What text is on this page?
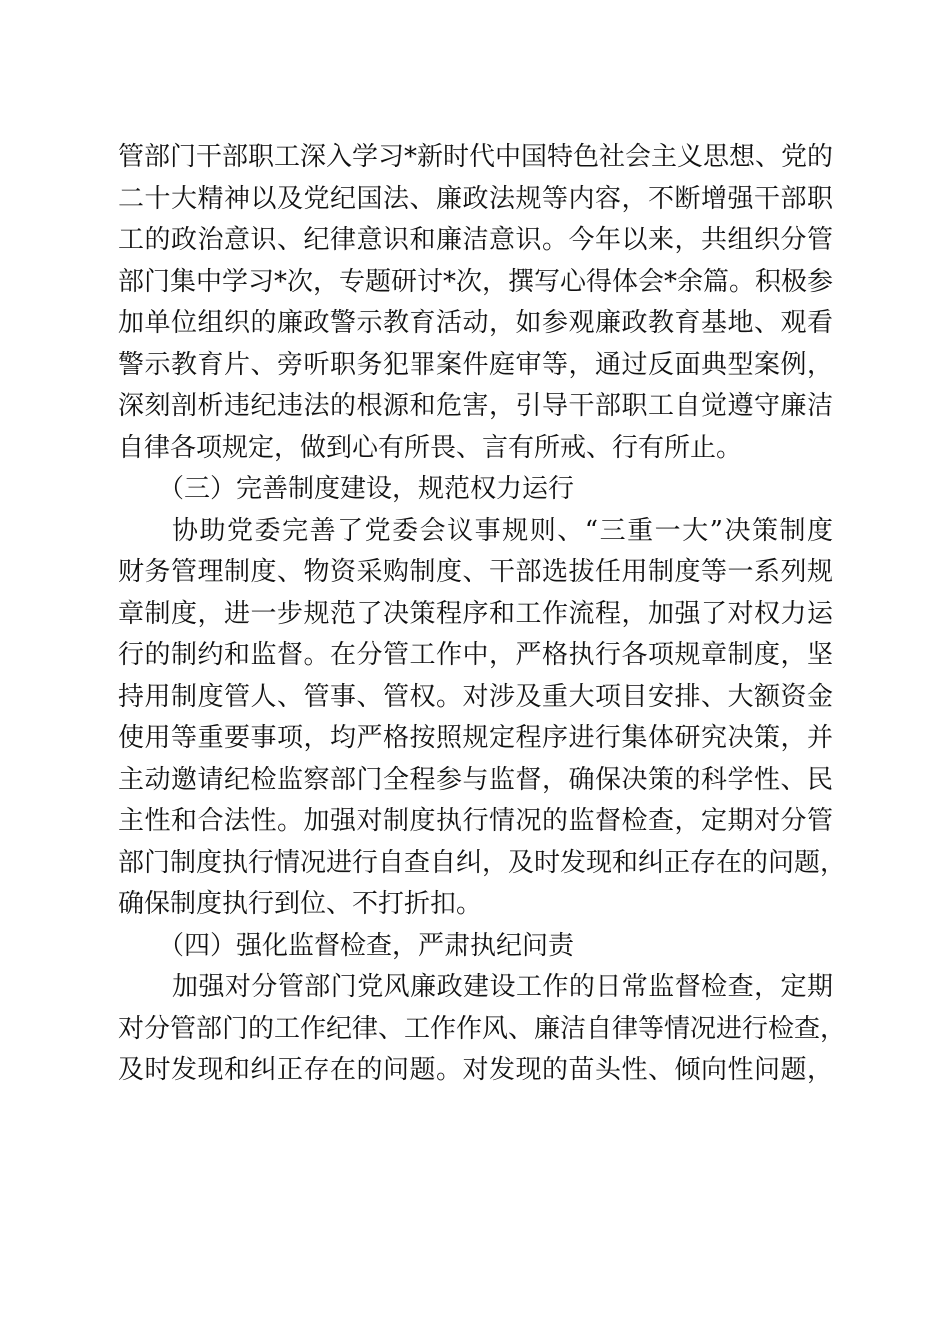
管部门干部职工深入学习*新时代中国特色社会主义思想、党的
二十大精神以及党纪国法、廉政法规等内容，不断增强干部职
工的政治意识、纪律意识和廉洁意识。今年以来，共组织分管
部门集中学习*次，专题研讨*次，撰写心得体会*余篇。积极参
加单位组织的廉政警示教育活动，如参观廉政教育基地、观看
警示教育片、旁听职务犯罪案件庭审等，通过反面典型案例，
深刻剖析违纪违法的根源和危害，引导干部职工自觉遵守廉洁
自律各项规定，做到心有所畏、言有所戒、行有所止。
（三）完善制度建设，规范权力运行
协助党委完善了党委会议事规则、“三重一大”决策制度
财务管理制度、物资采购制度、干部选拔任用制度等一系列规
章制度，进一步规范了决策程序和工作流程，加强了对权力运
行的制约和监督。在分管工作中，严格执行各项规章制度，坚
持用制度管人、管事、管权。对涉及重大项目安排、大额资金
使用等重要事项，均严格按照规定程序进行集体研究决策，并
主动邀请纪检监察部门全程参与监督，确保决策的科学性、民
主性和合法性。加强对制度执行情况的监督检查，定期对分管
部门制度执行情况进行自查自纠，及时发现和纠正存在的问题，
确保制度执行到位、不打折扣。
（四）强化监督检查，严肃执纪问责
加强对分管部门党风廉政建设工作的日常监督检查，定期
对分管部门的工作纪律、工作作风、廉洁自律等情况进行检查，
及时发现和纠正存在的问题。对发现的苗头性、倾向性问题，
